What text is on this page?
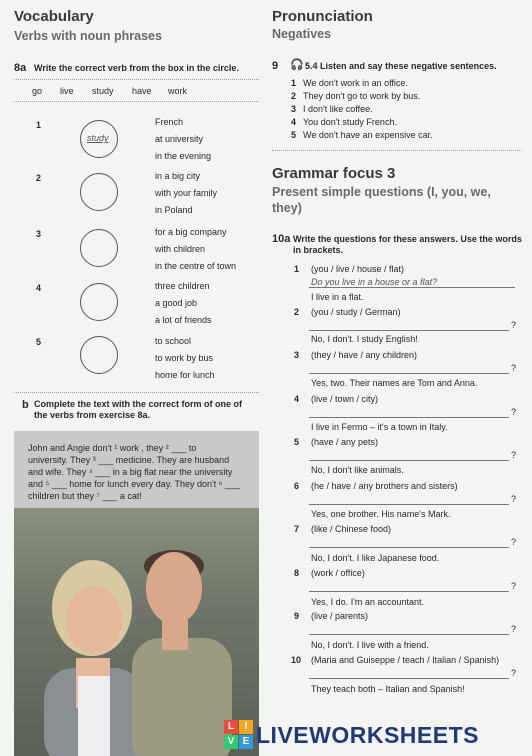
Vocabulary
Verbs with noun phrases
8a Write the correct verb from the box in the circle.
go live study have work
1
study
French
at university
in the evening
2	in a big city
with your family
in Poland
3	for a big company
with children
in the centre of town
4	three children
a good job
a lot of friends
5	to school
to work by bus
home for lunch
b Complete the text with the correct form of one of
the verbs from exercise 8a.
John and Angie don't ¹ work , they ² ___ to
university. They ³ ___ medicine. They are husband
and wife. They ⁴ ___ in a big flat near the university
and ⁵ ___ home for lunch every day. They don't ⁶ ___
children but they ⁷ ___ a cat!
Pronunciation
Negatives
9 🎧 5.4 Listen and say these negative sentences.
1 We don't work in an office.
2 They don't go to work by bus.
3 I don't like coffee.
4 You don't study French.
5 We don't have an expensive car.
Grammar focus 3
Present simple questions (I, you, we,
they)
10a Write the questions for these answers. Use the words
in brackets.
1 (you / live / house / flat)
Do you live in a house or a flat?
I live in a flat.
2 (you / study / German)
?
No, I don't. I study English!
3 (they / have / any children)
?
Yes, two. Their names are Tom and Anna.
4 (live / town / city)
?
I live in Fermo – it's a town in Italy.
5 (have / any pets)
?
No, I don't like animals.
6 (he / have / any brothers and sisters)
?
Yes, one brother. His name's Mark.
7 (like / Chinese food)
?
No, I don't. I like Japanese food.
8 (work / office)
?
Yes, I do. I'm an accountant.
9 (live / parents)
?
No, I don't. I live with a friend.
10 (Maria and Guiseppe / teach / Italian / Spanish)
?
They teach both – Italian and Spanish!
L	I
V E LIVEWORKSHEETS
